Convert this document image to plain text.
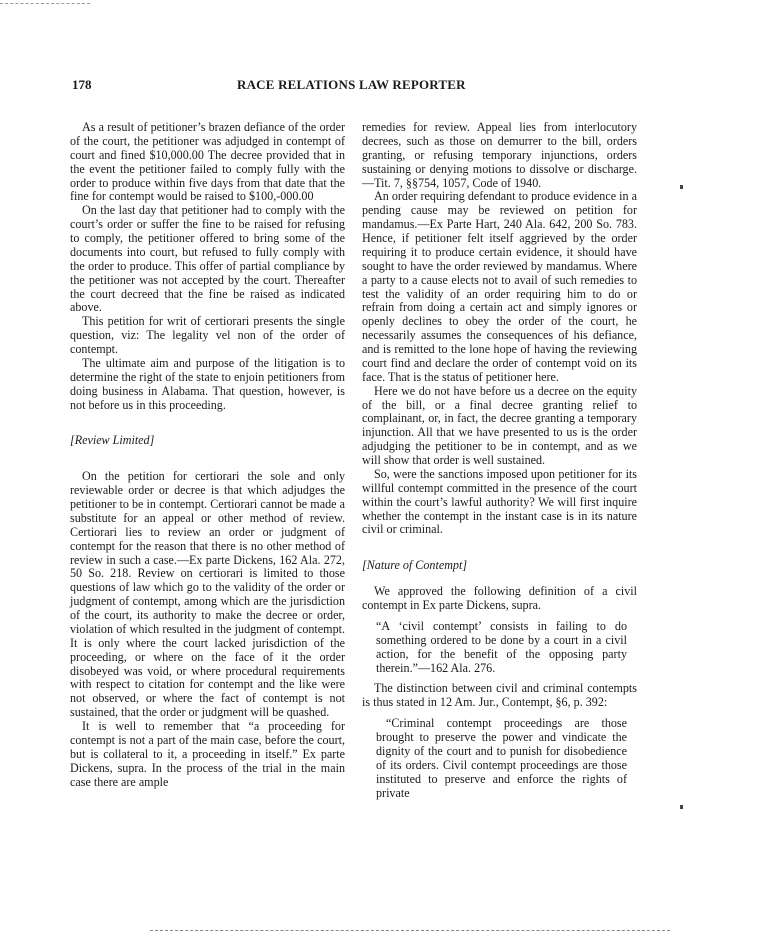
178	RACE RELATIONS LAW REPORTER

As a result of petitioner’s brazen defiance of the order of the court, the petitioner was adjudged in contempt of court and fined $10,000.00 The decree provided that in the event the petitioner failed to comply fully with the order to produce within five days from that date that the fine for contempt would be raised to $100,-000.00

On the last day that petitioner had to comply with the court’s order or suffer the fine to be raised for refusing to comply, the petitioner offered to bring some of the documents into court, but refused to fully comply with the order to produce. This offer of partial compliance by the petitioner was not accepted by the court. Thereafter the court decreed that the fine be raised as indicated above.

This petition for writ of certiorari presents the single question, viz: The legality vel non of the order of contempt.

The ultimate aim and purpose of the litigation is to determine the right of the state to enjoin petitioners from doing business in Alabama. That question, however, is not before us in this proceeding.

[Review Limited]

On the petition for certiorari the sole and only reviewable order or decree is that which adjudges the petitioner to be in contempt. Certiorari cannot be made a substitute for an appeal or other method of review. Certiorari lies to review an order or judgment of contempt for the reason that there is no other method of review in such a case.—Ex parte Dickens, 162 Ala. 272, 50 So. 218. Review on certiorari is limited to those questions of law which go to the validity of the order or judgment of contempt, among which are the jurisdiction of the court, its authority to make the decree or order, violation of which resulted in the judgment of contempt. It is only where the court lacked jurisdiction of the proceeding, or where on the face of it the order disobeyed was void, or where procedural requirements with respect to citation for contempt and the like were not observed, or where the fact of contempt is not sustained, that the order or judgment will be quashed.

It is well to remember that “a proceeding for contempt is not a part of the main case, before the court, but is collateral to it, a proceeding in itself.” Ex parte Dickens, supra. In the process of the trial in the main case there are ample

remedies for review. Appeal lies from interlocutory decrees, such as those on demurrer to the bill, orders granting, or refusing temporary injunctions, orders sustaining or denying motions to dissolve or discharge.—Tit. 7, §§754, 1057, Code of 1940.

An order requiring defendant to produce evidence in a pending cause may be reviewed on petition for mandamus.—Ex Parte Hart, 240 Ala. 642, 200 So. 783. Hence, if petitioner felt itself aggrieved by the order requiring it to produce certain evidence, it should have sought to have the order reviewed by mandamus. Where a party to a cause elects not to avail of such remedies to test the validity of an order requiring him to do or refrain from doing a certain act and simply ignores or openly declines to obey the order of the court, he necessarily assumes the consequences of his defiance, and is remitted to the lone hope of having the reviewing court find and declare the order of contempt void on its face. That is the status of petitioner here.

Here we do not have before us a decree on the equity of the bill, or a final decree granting relief to complainant, or, in fact, the decree granting a temporary injunction. All that we have presented to us is the order adjudging the petitioner to be in contempt, and as we will show that order is well sustained.

So, were the sanctions imposed upon petitioner for its willful contempt committed in the presence of the court within the court’s lawful authority? We will first inquire whether the contempt in the instant case is in its nature civil or criminal.

[Nature of Contempt]

We approved the following definition of a civil contempt in Ex parte Dickens, supra.

“A ‘civil contempt’ consists in failing to do something ordered to be done by a court in a civil action, for the benefit of the opposing party therein.”—162 Ala. 276.

The distinction between civil and criminal contempts is thus stated in 12 Am. Jur., Contempt, §6, p. 392:

“Criminal contempt proceedings are those brought to preserve the power and vindicate the dignity of the court and to punish for disobedience of its orders. Civil contempt proceedings are those instituted to preserve and enforce the rights of private
